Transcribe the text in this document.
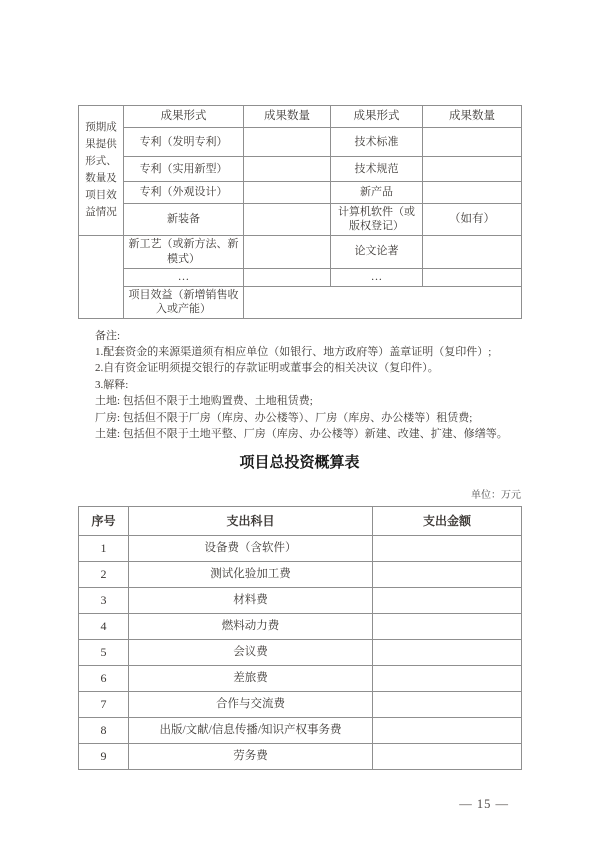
预期成果提供形式、数量及项目效益情况	成果形式	成果数量	成果形式	成果数量
	专利（发明专利）		技术标准	
	专利（实用新型）		技术规范	
	专利（外观设计）		新产品	
	新装备		计算机软件（或版权登记）	（如有）
	新工艺（或新方法、新模式）		论文论著	
	…		…	
	项目效益（新增销售收入或产能）			
备注:
1.配套资金的来源渠道须有相应单位（如银行、地方政府等）盖章证明（复印件）;
2.自有资金证明须提交银行的存款证明或董事会的相关决议（复印件）。
3.解释:
土地: 包括但不限于土地购置费、土地租赁费;
厂房: 包括但不限于厂房（库房、办公楼等）、厂房（库房、办公楼等）租赁费;
土建: 包括但不限于土地平整、厂房（库房、办公楼等）新建、改建、扩建、修缮等。
项目总投资概算表
单位：万元
序号	支出科目	支出金额
1	设备费（含软件）	
2	测试化验加工费	
3	材料费	
4	燃料动力费	
5	会议费	
6	差旅费	
7	合作与交流费	
8	出版/文献/信息传播/知识产权事务费	
9	劳务费	
— 15 —
